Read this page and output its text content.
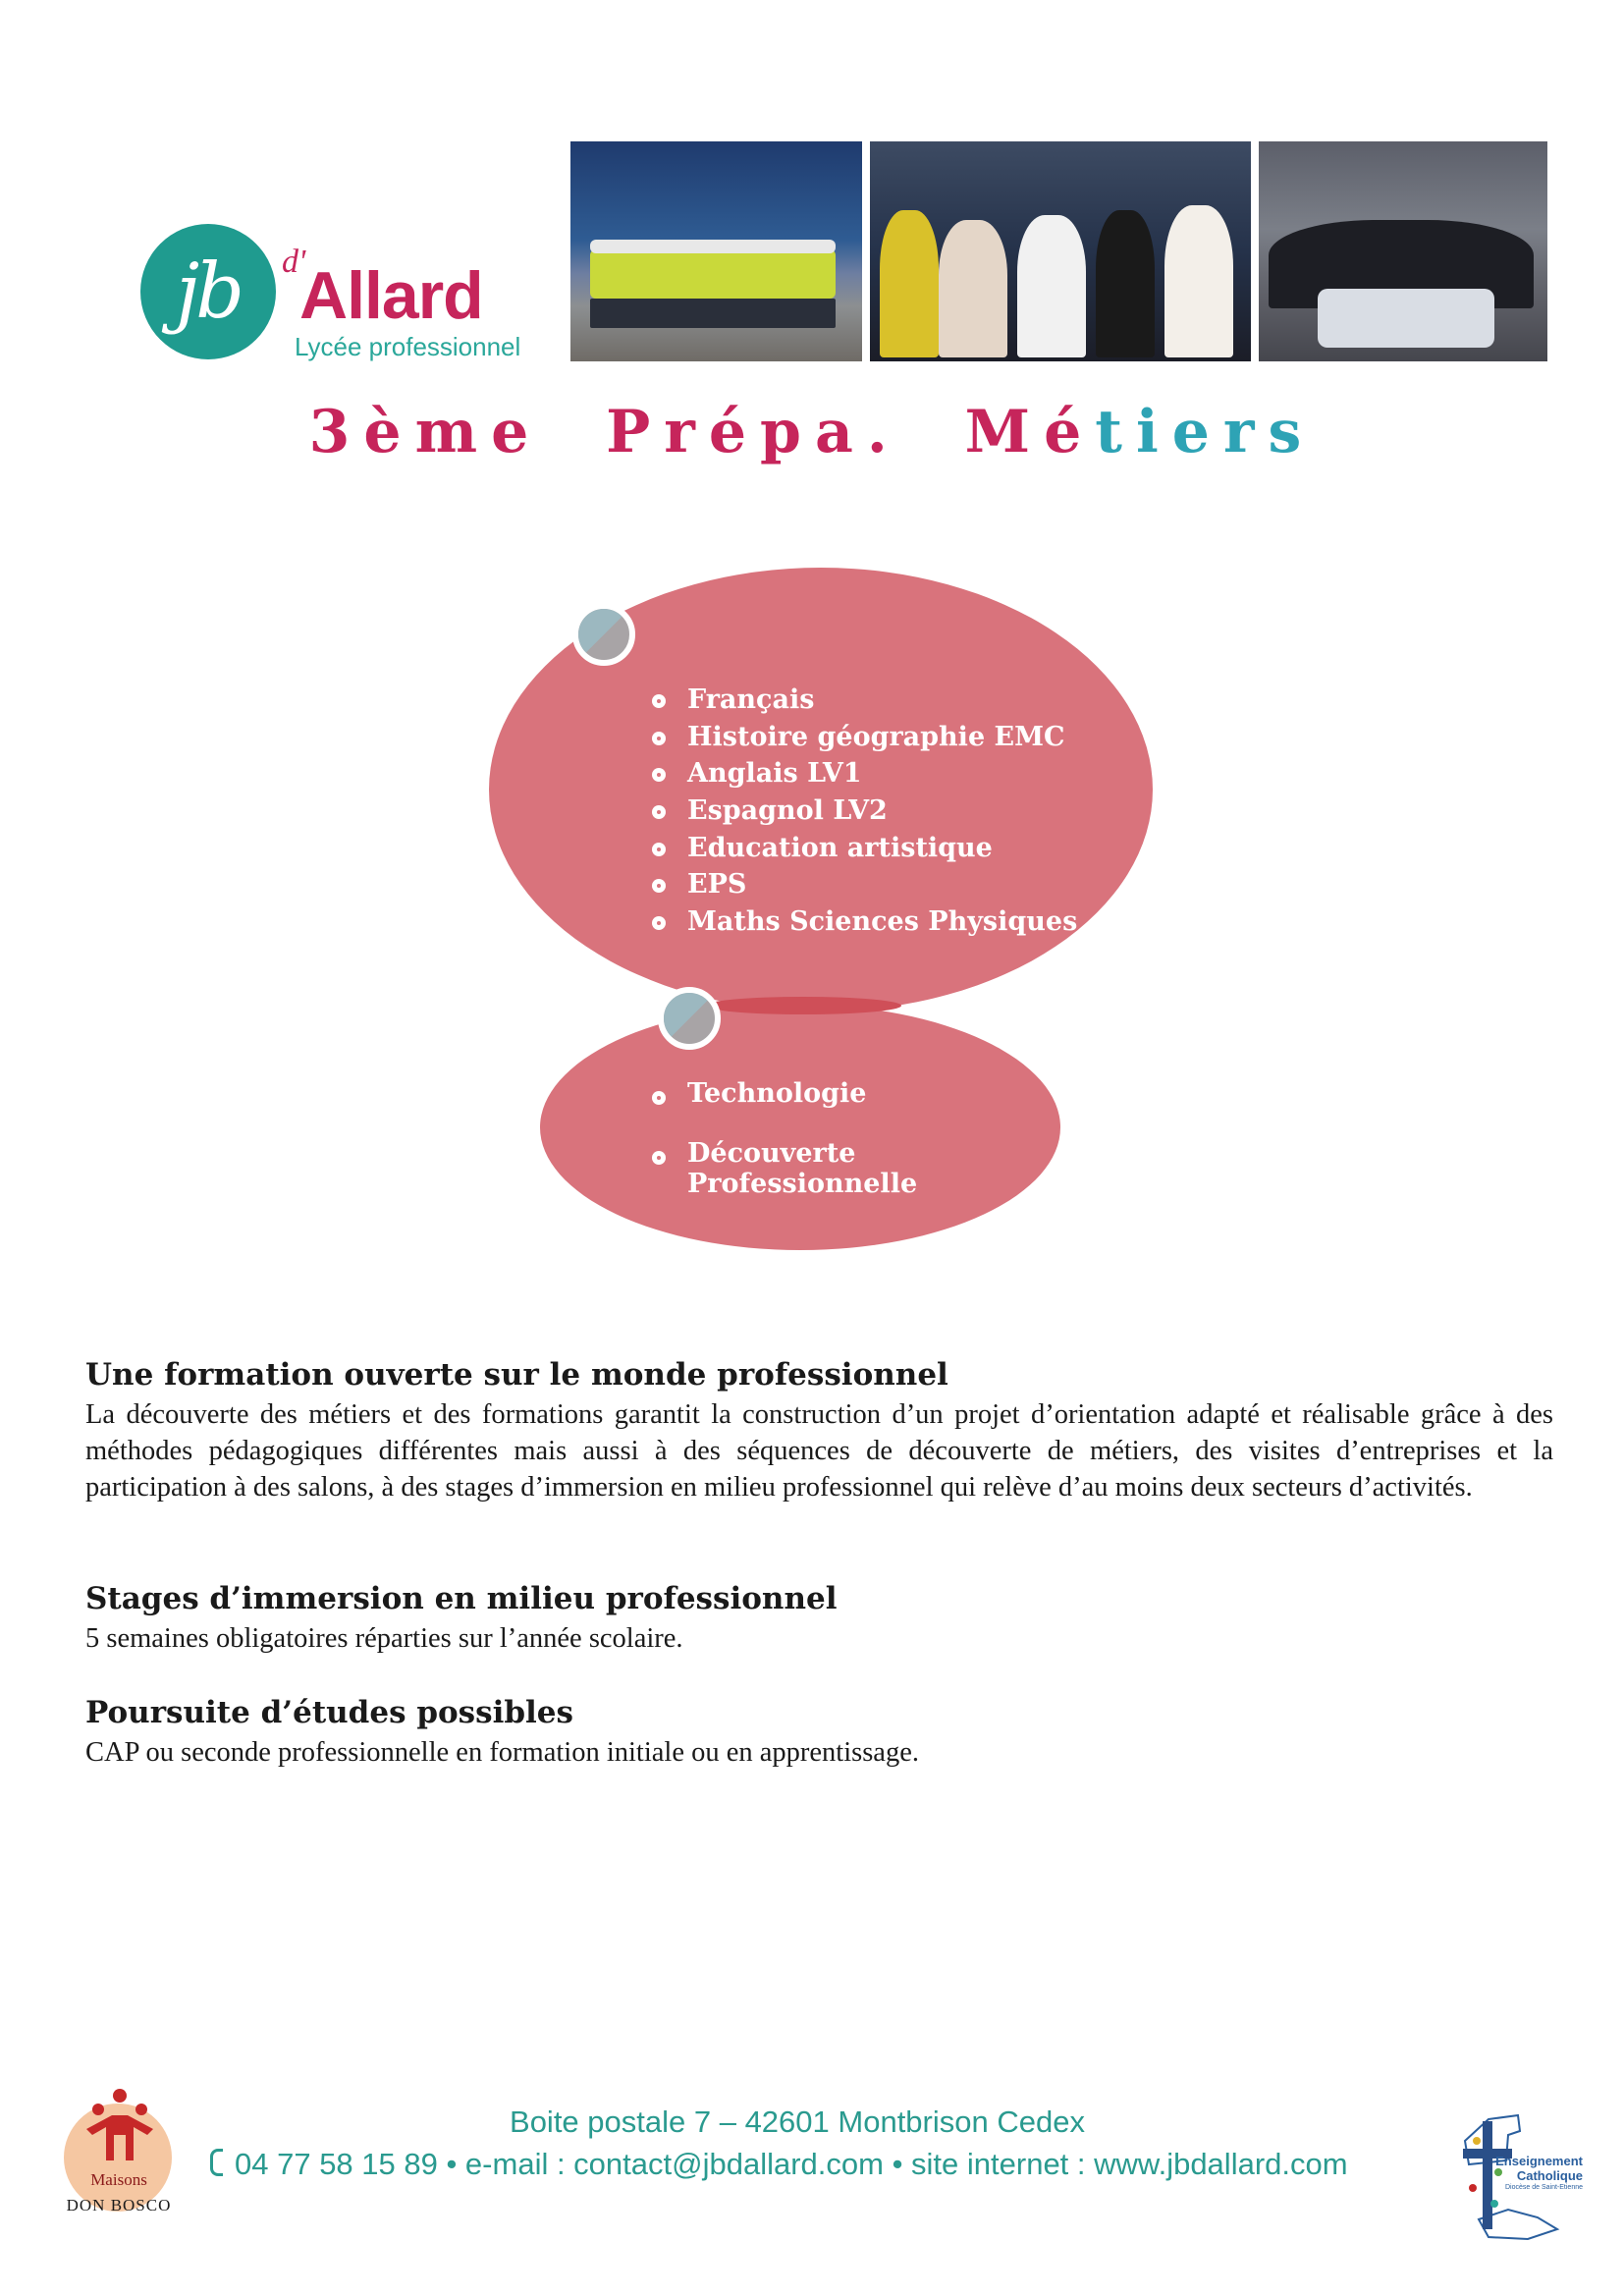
jb	d'
Allard
Lycée professionnel
3ème Prépa. Métiers
Français
Histoire géographie EMC
Anglais LV1
Espagnol LV2
Education artistique
EPS
Maths Sciences Physiques
Technologie
Découverte Professionnelle
Une formation ouverte sur le monde professionnel
La découverte des métiers et des formations garantit la construction d’un projet d’orientation adapté et réalisable grâce à des méthodes pédagogiques différentes mais aussi à des séquences de découverte de métiers, des visites d’entreprises et la participation à des salons, à des stages d’immersion en milieu professionnel qui relève d’au moins deux secteurs d’activités.
Stages d’immersion en milieu professionnel
5 semaines obligatoires réparties sur l’année scolaire.
Poursuite d’études possibles
CAP ou seconde professionnelle en formation initiale ou en apprentissage.
Maisons
DON BOSCO
Boite postale 7 – 42601 Montbrison Cedex
04 77 58 15 89 • e-mail : contact@jbdallard.com • site internet : www.jbdallard.com	Enseignement
Catholique
Diocèse de Saint-Etienne
